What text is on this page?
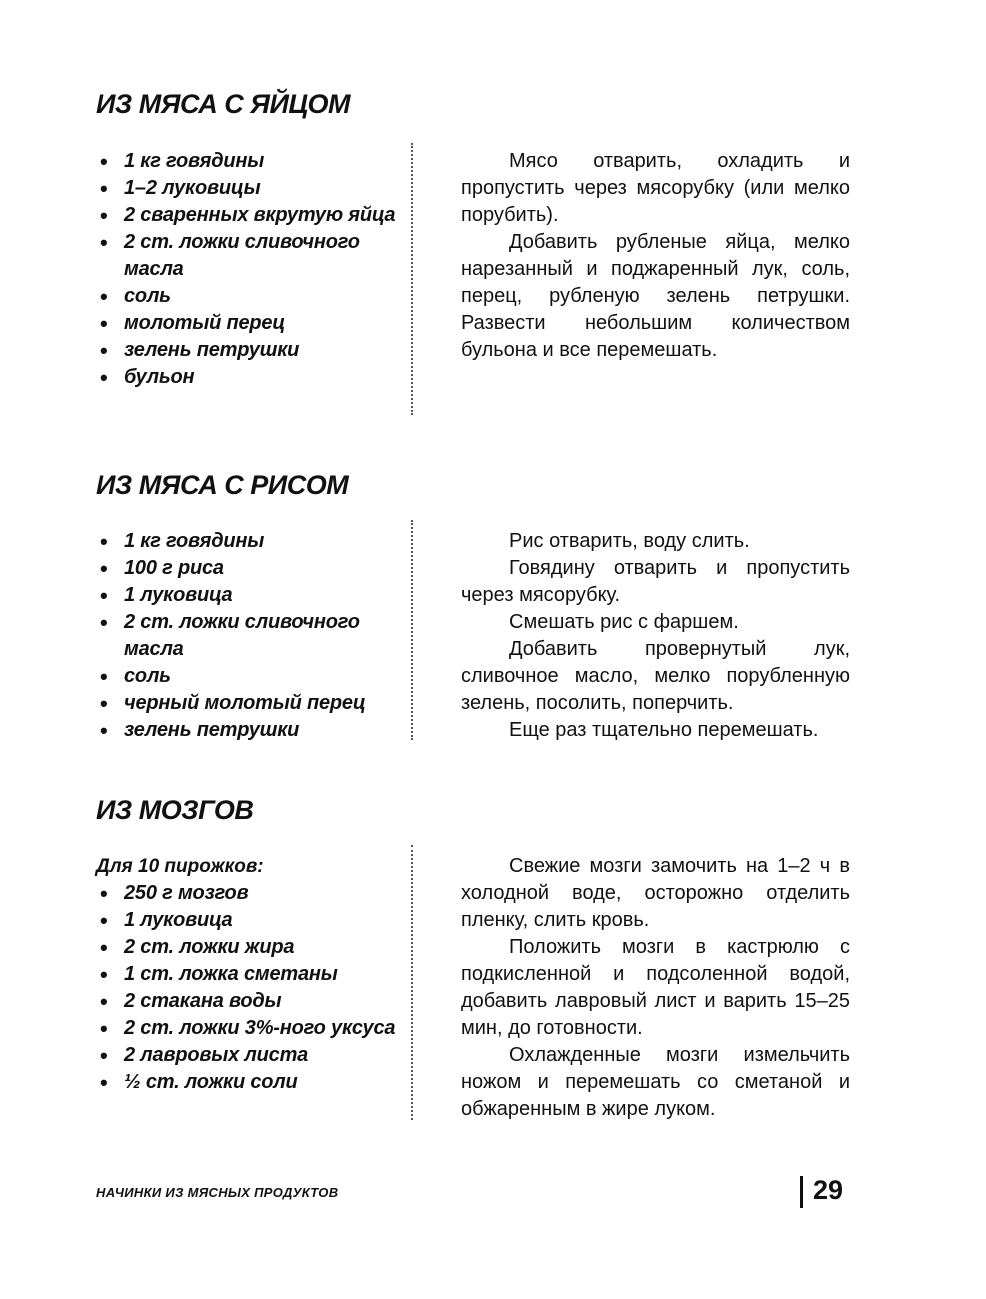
ИЗ МЯСА С ЯЙЦОМ
• 1 кг говядины
• 1–2 луковицы
• 2 сваренных вкрутую яйца
• 2 ст. ложки сливочного масла
• соль
• молотый перец
• зелень петрушки
• бульон

Мясо отварить, охладить и пропустить через мясорубку (или мелко порубить).

Добавить рубленые яйца, мелко нарезанный и поджаренный лук, соль, перец, рубленую зелень петрушки. Развести небольшим количеством бульона и все перемешать.

ИЗ МЯСА С РИСОМ
• 1 кг говядины
• 100 г риса
• 1 луковица
• 2 ст. ложки сливочного масла
• соль
• черный молотый перец
• зелень петрушки

Рис отварить, воду слить.

Говядину отварить и пропустить через мясорубку.

Смешать рис с фаршем.

Добавить провернутый лук, сливочное масло, мелко порубленную зелень, посолить, поперчить.

Еще раз тщательно перемешать.

ИЗ МОЗГОВ
Для 10 пирожков:
• 250 г мозгов
• 1 луковица
• 2 ст. ложки жира
• 1 ст. ложка сметаны
• 2 стакана воды
• 2 ст. ложки 3%-ного уксуса
• 2 лавровых листа
• ½ ст. ложки соли

Свежие мозги замочить на 1–2 ч в холодной воде, осторожно отделить пленку, слить кровь.

Положить мозги в кастрюлю с подкисленной и подсоленной водой, добавить лавровый лист и варить 15–25 мин, до готовности.

Охлажденные мозги измельчить ножом и перемешать со сметаной и обжаренным в жире луком.

НАЧИНКИ ИЗ МЯСНЫХ ПРОДУКТОВ	29
